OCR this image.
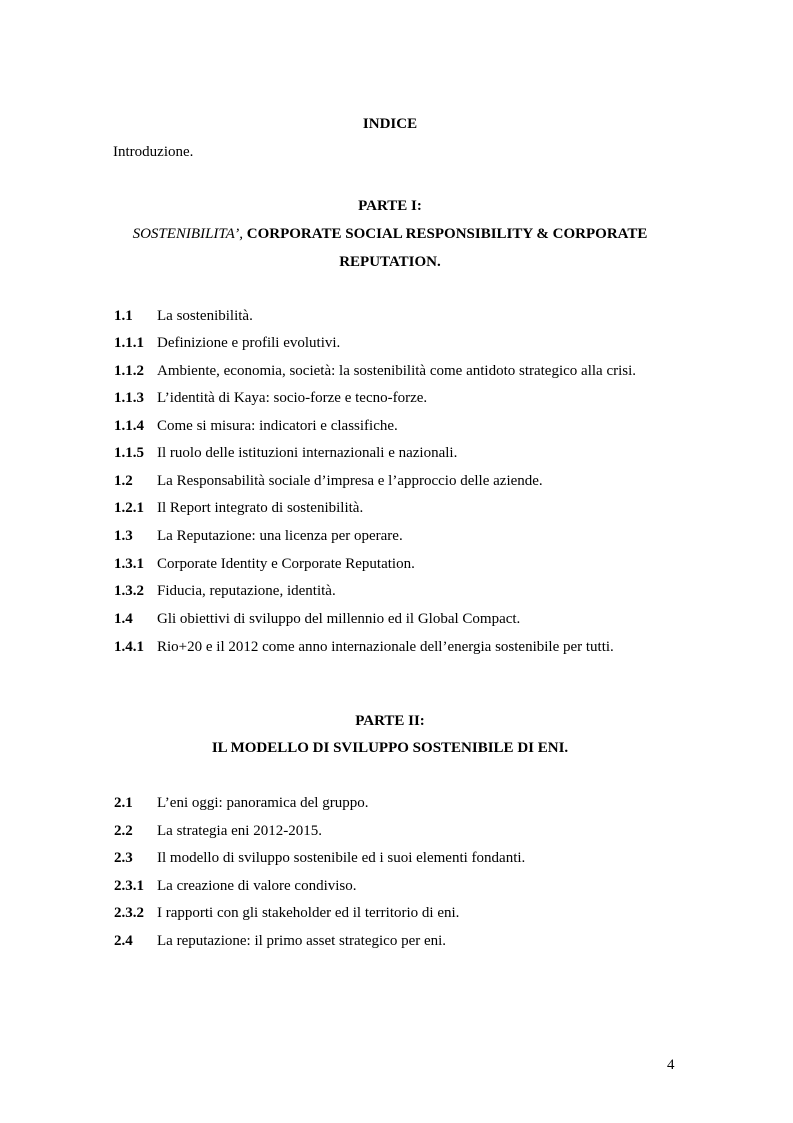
INDICE
Introduzione.
PARTE I:
SOSTENIBILITA’, CORPORATE SOCIAL RESPONSIBILITY & CORPORATE
REPUTATION.
1.1 La sostenibilità.
1.1.1 Definizione e profili evolutivi.
1.1.2 Ambiente, economia, società: la sostenibilità come antidoto strategico alla crisi.
1.1.3 L’identità di Kaya: socio-forze e tecno-forze.
1.1.4 Come si misura: indicatori e classifiche.
1.1.5 Il ruolo delle istituzioni internazionali e nazionali.
1.2 La Responsabilità sociale d’impresa e l’approccio delle aziende.
1.2.1 Il Report integrato di sostenibilità.
1.3 La Reputazione: una licenza per operare.
1.3.1 Corporate Identity e Corporate Reputation.
1.3.2 Fiducia, reputazione, identità.
1.4 Gli obiettivi di sviluppo del millennio ed il Global Compact.
1.4.1 Rio+20 e il 2012 come anno internazionale dell’energia sostenibile per tutti.
PARTE II:
IL MODELLO DI SVILUPPO SOSTENIBILE DI ENI.
2.1 L’eni oggi: panoramica del gruppo.
2.2 La strategia eni 2012-2015.
2.3 Il modello di sviluppo sostenibile ed i suoi elementi fondanti.
2.3.1 La creazione di valore condiviso.
2.3.2 I rapporti con gli stakeholder ed il territorio di eni.
2.4 La reputazione: il primo asset strategico per eni.
4
